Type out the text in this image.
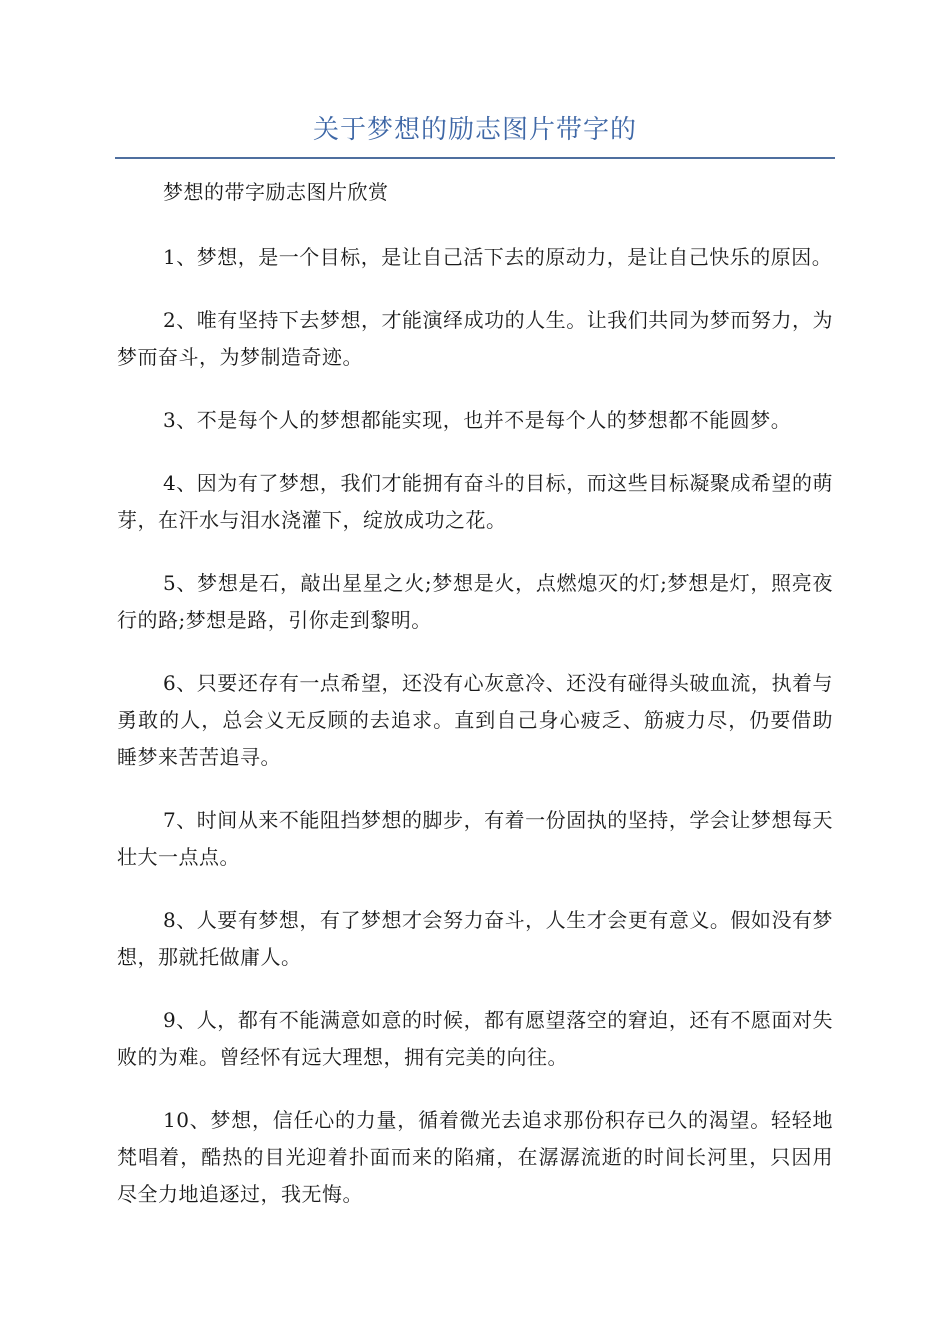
关于梦想的励志图片带字的

梦想的带字励志图片欣赏

1、梦想，是一个目标，是让自己活下去的原动力，是让自己快乐的原因。

2、唯有坚持下去梦想，才能演绎成功的人生。让我们共同为梦而努力，为梦而奋斗，为梦制造奇迹。

3、不是每个人的梦想都能实现，也并不是每个人的梦想都不能圆梦。

4、因为有了梦想，我们才能拥有奋斗的目标，而这些目标凝聚成希望的萌芽，在汗水与泪水浇灌下，绽放成功之花。

5、梦想是石，敲出星星之火;梦想是火，点燃熄灭的灯;梦想是灯，照亮夜行的路;梦想是路，引你走到黎明。

6、只要还存有一点希望，还没有心灰意冷、还没有碰得头破血流，执着与勇敢的人，总会义无反顾的去追求。直到自己身心疲乏、筋疲力尽，仍要借助睡梦来苦苦追寻。

7、时间从来不能阻挡梦想的脚步，有着一份固执的坚持，学会让梦想每天壮大一点点。

8、人要有梦想，有了梦想才会努力奋斗，人生才会更有意义。假如没有梦想，那就托做庸人。

9、人，都有不能满意如意的时候，都有愿望落空的窘迫，还有不愿面对失败的为难。曾经怀有远大理想，拥有完美的向往。

10、梦想，信任心的力量，循着微光去追求那份积存已久的渴望。轻轻地梵唱着，酷热的目光迎着扑面而来的陷痛，在潺潺流逝的时间长河里，只因用尽全力地追逐过，我无悔。
